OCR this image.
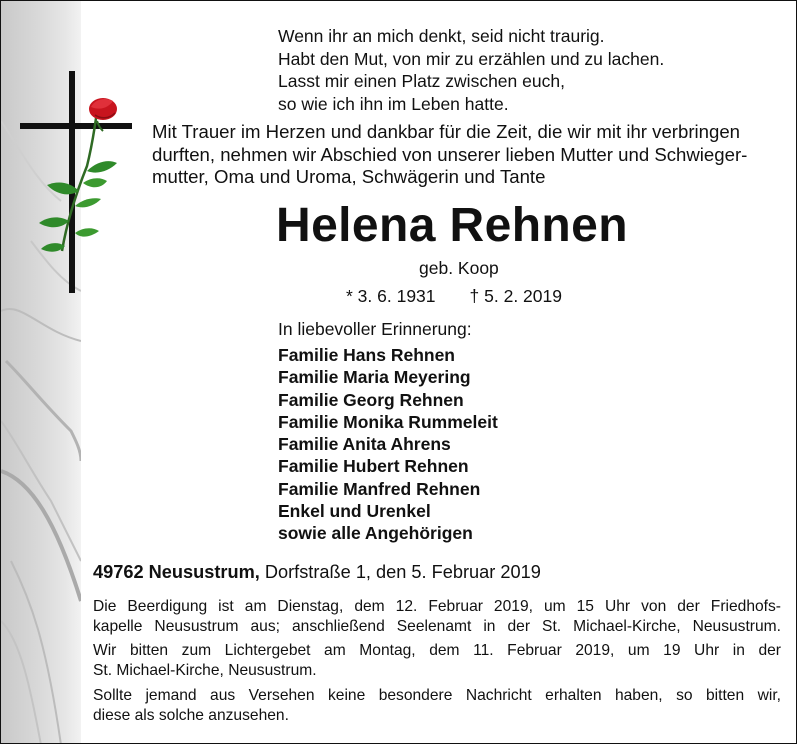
Wenn ihr an mich denkt, seid nicht traurig.
Habt den Mut, von mir zu erzählen und zu lachen.
Lasst mir einen Platz zwischen euch,
so wie ich ihn im Leben hatte.
Mit Trauer im Herzen und dankbar für die Zeit, die wir mit ihr verbringen
durften, nehmen wir Abschied von unserer lieben Mutter und Schwieger-
mutter, Oma und Uroma, Schwägerin und Tante
Helena Rehnen
geb. Koop
* 3. 6. 1931 † 5. 2. 2019
In liebevoller Erinnerung:
Familie Hans Rehnen
Familie Maria Meyering
Familie Georg Rehnen
Familie Monika Rummeleit
Familie Anita Ahrens
Familie Hubert Rehnen
Familie Manfred Rehnen
Enkel und Urenkel
sowie alle Angehörigen
49762 Neusustrum, Dorfstraße 1, den 5. Februar 2019
Die Beerdigung ist am Dienstag, dem 12. Februar 2019, um 15 Uhr von der Friedhofs-
kapelle Neusustrum aus; anschließend Seelenamt in der St. Michael-Kirche, Neusustrum.
Wir bitten zum Lichtergebet am Montag, dem 11. Februar 2019, um 19 Uhr in der
St. Michael-Kirche, Neusustrum.
Sollte jemand aus Versehen keine besondere Nachricht erhalten haben, so bitten wir,
diese als solche anzusehen.
